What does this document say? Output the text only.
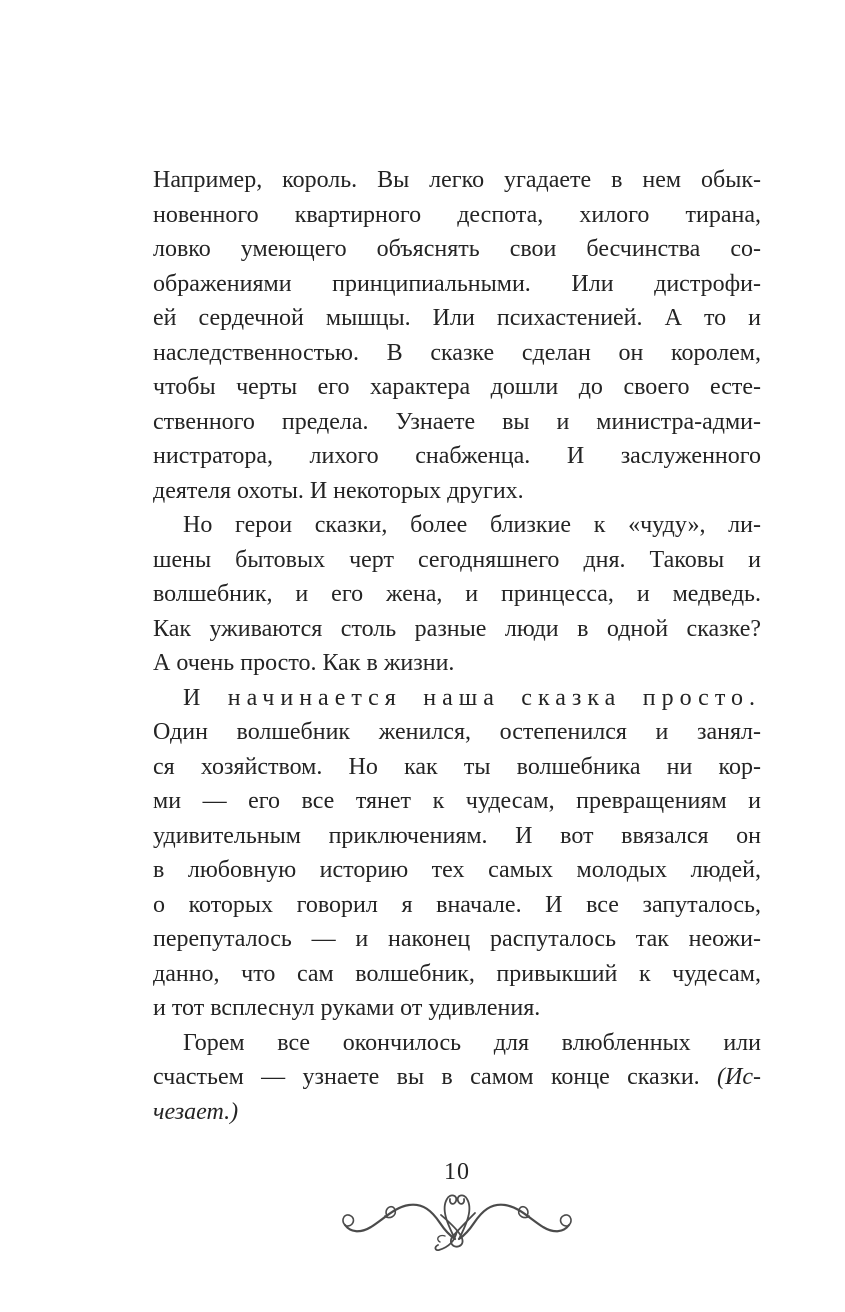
Например, король. Вы легко угадаете в нем обык-
новенного квартирного деспота, хилого тирана,
ловко умеющего объяснять свои бесчинства со-
ображениями принципиальными. Или дистрофи-
ей сердечной мышцы. Или психастенией. А то и
наследственностью. В сказке сделан он королем,
чтобы черты его характера дошли до своего есте-
ственного предела. Узнаете вы и министра-адми-
нистратора, лихого снабженца. И заслуженного
деятеля охоты. И некоторых других.

Но герои сказки, более близкие к «чуду», ли-
шены бытовых черт сегодняшнего дня. Таковы и
волшебник, и его жена, и принцесса, и медведь.
Как уживаются столь разные люди в одной сказке?
А очень просто. Как в жизни.

И начинается наша сказка просто.
Один волшебник женился, остепенился и занял-
ся хозяйством. Но как ты волшебника ни кор-
ми — его все тянет к чудесам, превращениям и
удивительным приключениям. И вот ввязался он
в любовную историю тех самых молодых людей,
о которых говорил я вначале. И все запуталось,
перепуталось — и наконец распуталось так неожи-
данно, что сам волшебник, привыкший к чудесам,
и тот всплеснул руками от удивления.

Горем все окончилось для влюбленных или
счастьем — узнаете вы в самом конце сказки. (Ис-
чезает.)

10
